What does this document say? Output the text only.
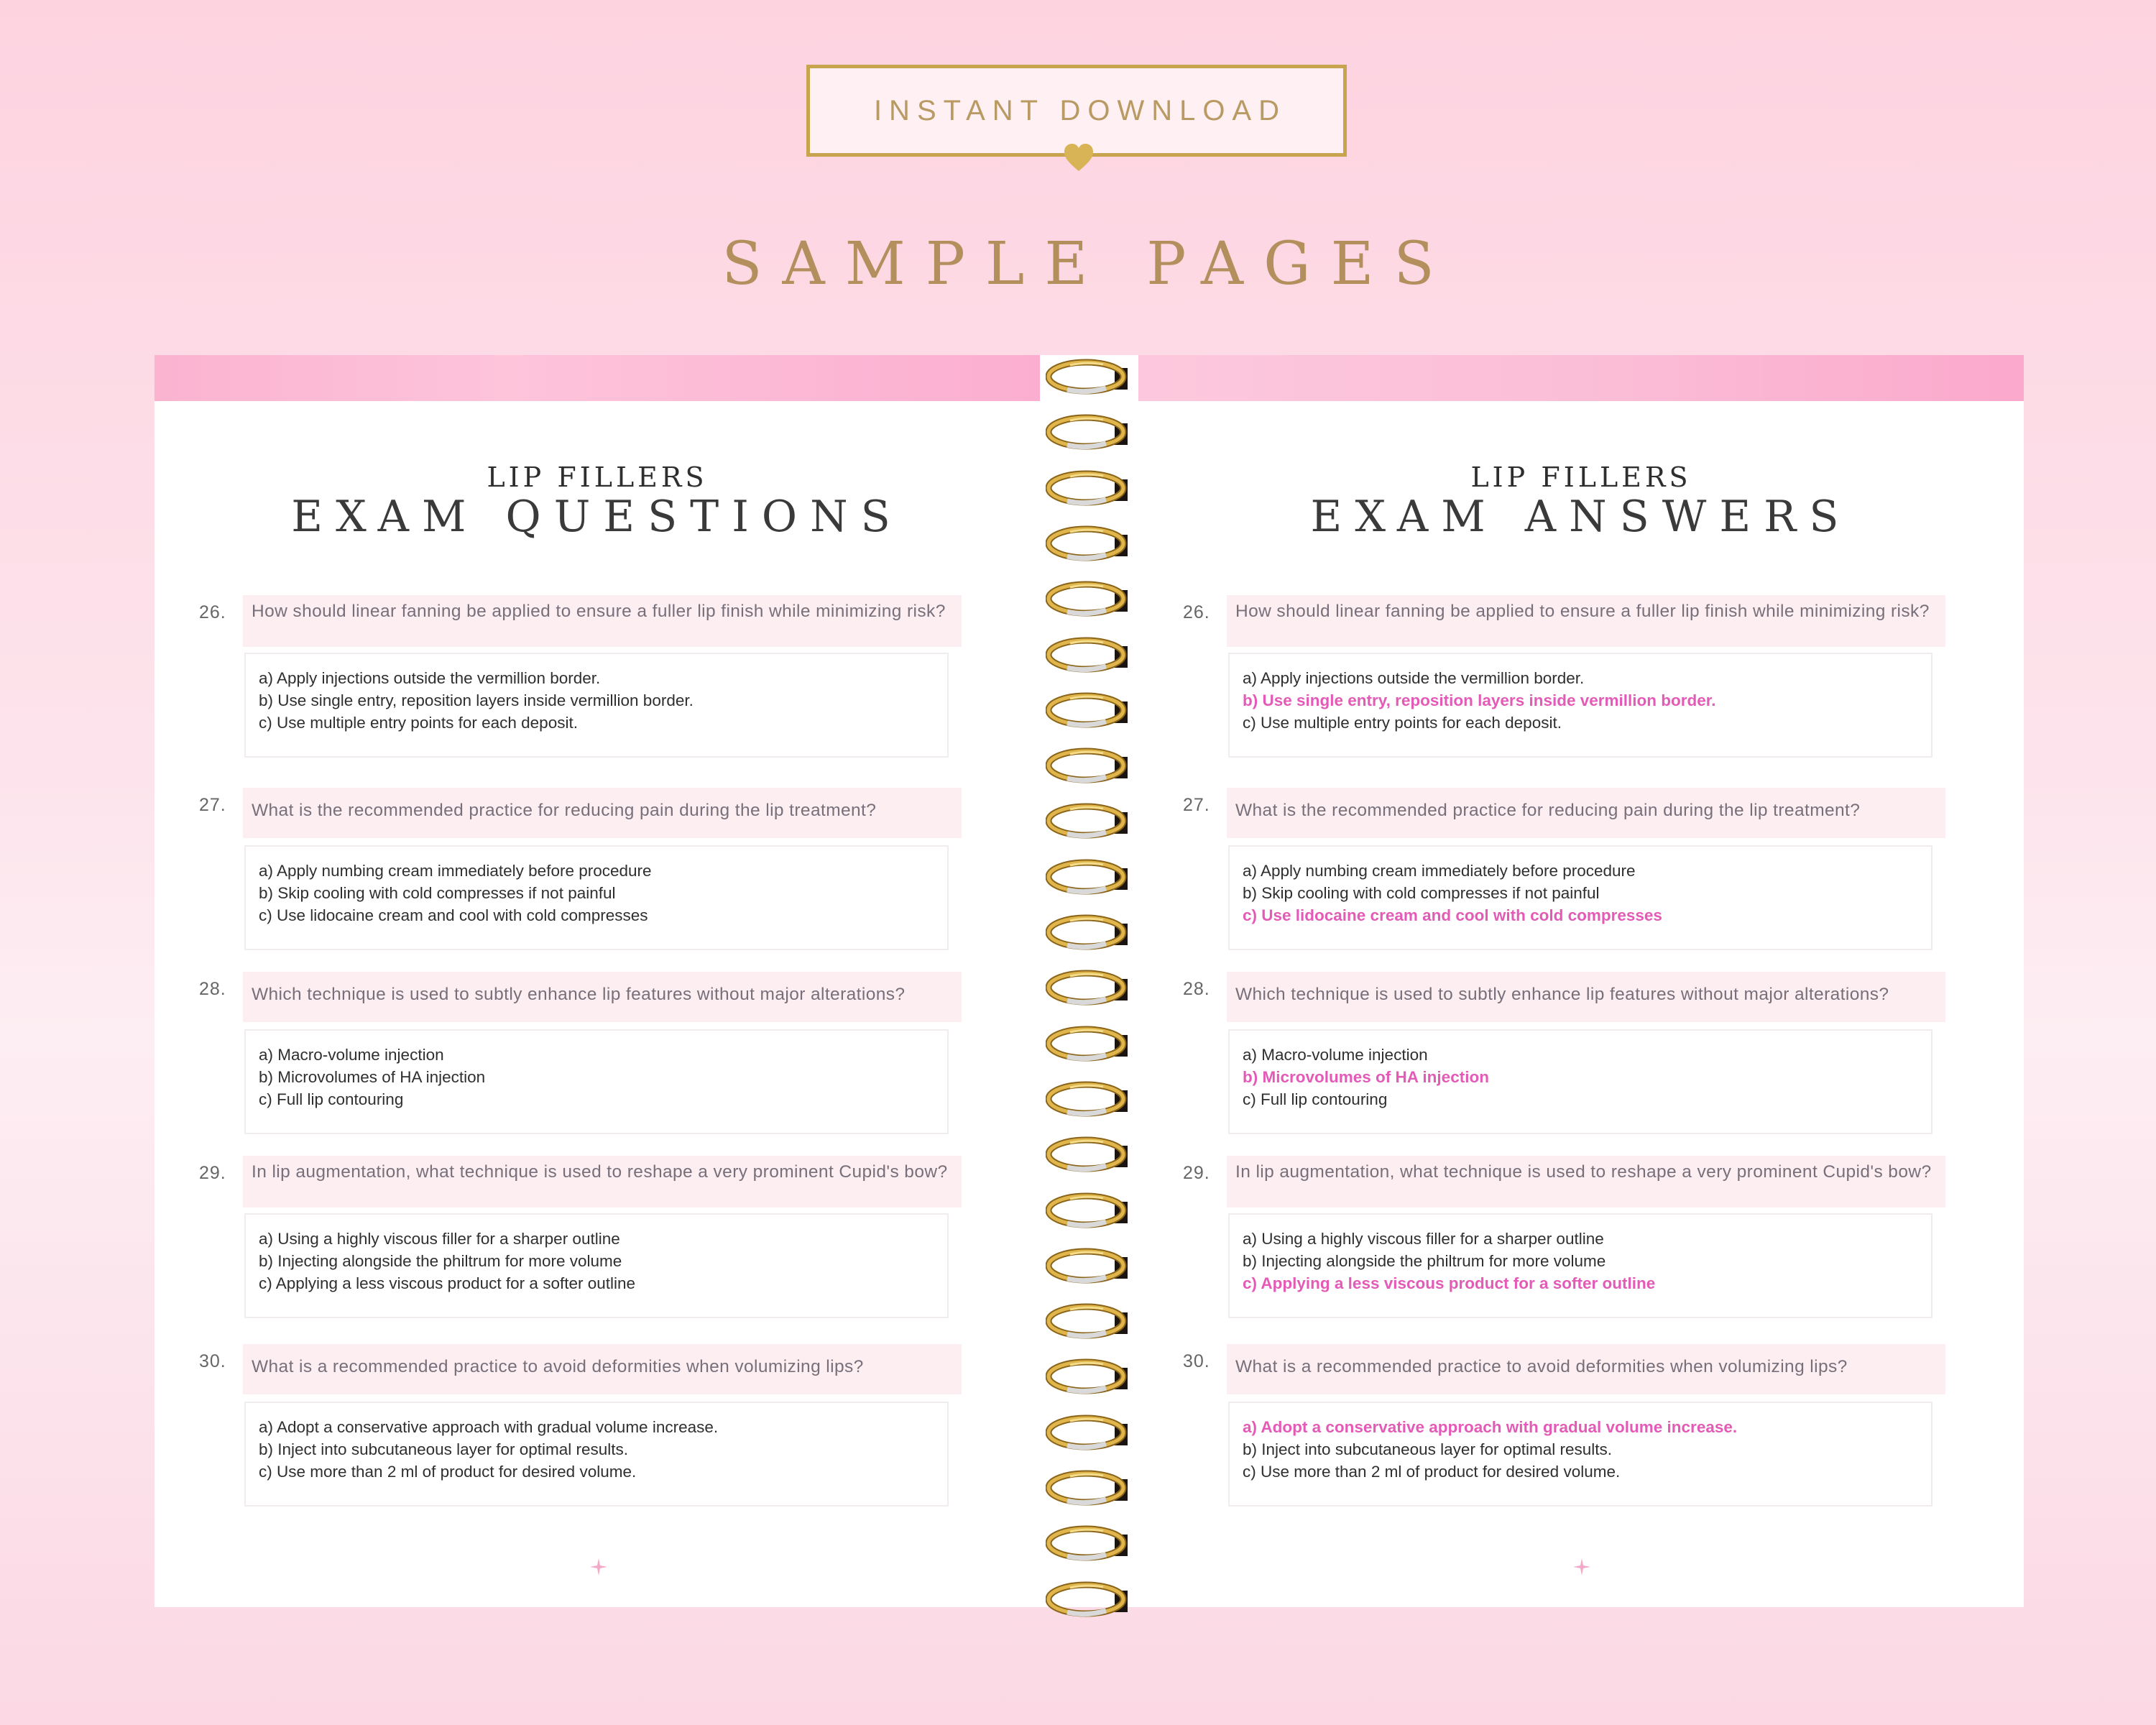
INSTANT DOWNLOAD
SAMPLE PAGES
LIP FILLERS
EXAM QUESTIONS
26.	How should linear fanning be applied to ensure a fuller lip finish while minimizing risk?
a) Apply injections outside the vermillion border.
b) Use single entry, reposition layers inside vermillion border.
c) Use multiple entry points for each deposit.
27.	What is the recommended practice for reducing pain during the lip treatment?
a) Apply numbing cream immediately before procedure
b) Skip cooling with cold compresses if not painful
c) Use lidocaine cream and cool with cold compresses
28.	Which technique is used to subtly enhance lip features without major alterations?
a) Macro-volume injection
b) Microvolumes of HA injection
c) Full lip contouring
29.	In lip augmentation, what technique is used to reshape a very prominent Cupid's bow?
a) Using a highly viscous filler for a sharper outline
b) Injecting alongside the philtrum for more volume
c) Applying a less viscous product for a softer outline
30.	What is a recommended practice to avoid deformities when volumizing lips?
a) Adopt a conservative approach with gradual volume increase.
b) Inject into subcutaneous layer for optimal results.
c) Use more than 2 ml of product for desired volume.
LIP FILLERS
EXAM ANSWERS
26.	How should linear fanning be applied to ensure a fuller lip finish while minimizing risk?
a) Apply injections outside the vermillion border.
b) Use single entry, reposition layers inside vermillion border.
c) Use multiple entry points for each deposit.
27.	What is the recommended practice for reducing pain during the lip treatment?
a) Apply numbing cream immediately before procedure
b) Skip cooling with cold compresses if not painful
c) Use lidocaine cream and cool with cold compresses
28.	Which technique is used to subtly enhance lip features without major alterations?
a) Macro-volume injection
b) Microvolumes of HA injection
c) Full lip contouring
29.	In lip augmentation, what technique is used to reshape a very prominent Cupid's bow?
a) Using a highly viscous filler for a sharper outline
b) Injecting alongside the philtrum for more volume
c) Applying a less viscous product for a softer outline
30.	What is a recommended practice to avoid deformities when volumizing lips?
a) Adopt a conservative approach with gradual volume increase.
b) Inject into subcutaneous layer for optimal results.
c) Use more than 2 ml of product for desired volume.
